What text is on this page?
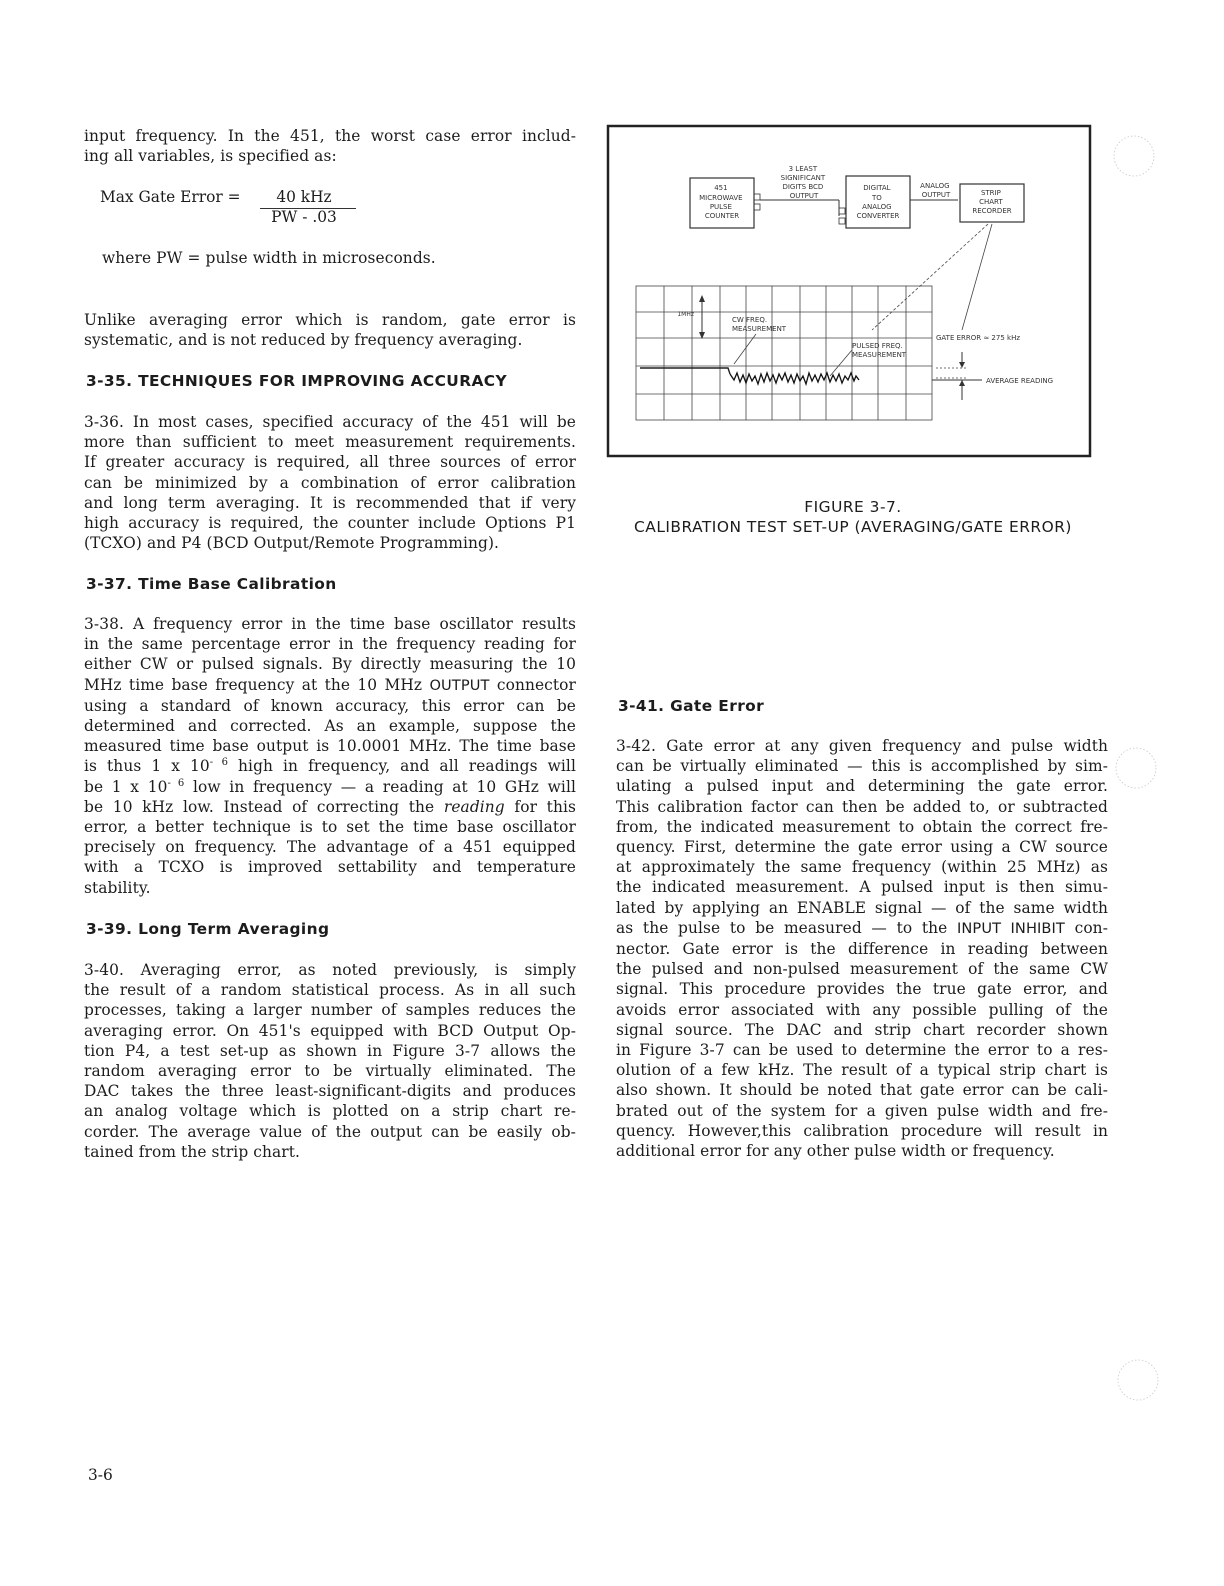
input frequency. In the 451, the worst case error includ-
ing all variables, is specified as:

Max Gate Error =	40 kHz
PW - .03

where PW = pulse width in microseconds.

Unlike averaging error which is random, gate error is
systematic, and is not reduced by frequency averaging.

3-35. TECHNIQUES FOR IMPROVING ACCURACY

3-36. In most cases, specified accuracy of the 451 will be
more than sufficient to meet measurement requirements.
If greater accuracy is required, all three sources of error
can be minimized by a combination of error calibration
and long term averaging. It is recommended that if very
high accuracy is required, the counter include Options P1
(TCXO) and P4 (BCD Output/Remote Programming).

3-37. Time Base Calibration

3-38. A frequency error in the time base oscillator results
in the same percentage error in the frequency reading for
either CW or pulsed signals. By directly measuring the 10
MHz time base frequency at the 10 MHz OUTPUT connector
using a standard of known accuracy, this error can be
determined and corrected. As an example, suppose the
measured time base output is 10.0001 MHz. The time base
is thus 1 x $10^{- 6}$ high in frequency, and all readings will
be 1 x $10^{- 6}$ low in frequency — a reading at 10 GHz will
be 10 kHz low. Instead of correcting the reading for this
error, a better technique is to set the time base oscillator
precisely on frequency. The advantage of a 451 equipped
with a TCXO is improved settability and temperature
stability.

3-39. Long Term Averaging

3-40. Averaging error, as noted previously, is simply
the result of a random statistical process. As in all such
processes, taking a larger number of samples reduces the
averaging error. On 451's equipped with BCD Output Op-
tion P4, a test set-up as shown in Figure 3-7 allows the
random averaging error to be virtually eliminated. The
DAC takes the three least-significant-digits and produces
an analog voltage which is plotted on a strip chart re-
corder. The average value of the output can be easily ob-
tained from the strip chart.

451 MICROWAVE PULSE COUNTER
3 LEAST SIGNIFICANT DIGITS BCD OUTPUT
DIGITAL TO ANALOG CONVERTER
ANALOG OUTPUT	STRIP CHART RECORDER
1MHz
CW FREQ. MEASUREMENT
PULSED FREQ. MEASUREMENT
GATE ERROR ≈ 275 kHz
AVERAGE READING
FIGURE 3-7.
CALIBRATION TEST SET-UP (AVERAGING/GATE ERROR)
3-41. Gate Error

3-42. Gate error at any given frequency and pulse width
can be virtually eliminated — this is accomplished by sim-
ulating a pulsed input and determining the gate error.
This calibration factor can then be added to, or subtracted
from, the indicated measurement to obtain the correct fre-
quency. First, determine the gate error using a CW source
at approximately the same frequency (within 25 MHz) as
the indicated measurement. A pulsed input is then simu-
lated by applying an ENABLE signal — of the same width
as the pulse to be measured — to the INPUT INHIBIT con-
nector. Gate error is the difference in reading between
the pulsed and non-pulsed measurement of the same CW
signal. This procedure provides the true gate error, and
avoids error associated with any possible pulling of the
signal source. The DAC and strip chart recorder shown
in Figure 3-7 can be used to determine the error to a res-
olution of a few kHz. The result of a typical strip chart is
also shown. It should be noted that gate error can be cali-
brated out of the system for a given pulse width and fre-
quency. However,this calibration procedure will result in
additional error for any other pulse width or frequency.

3-6
